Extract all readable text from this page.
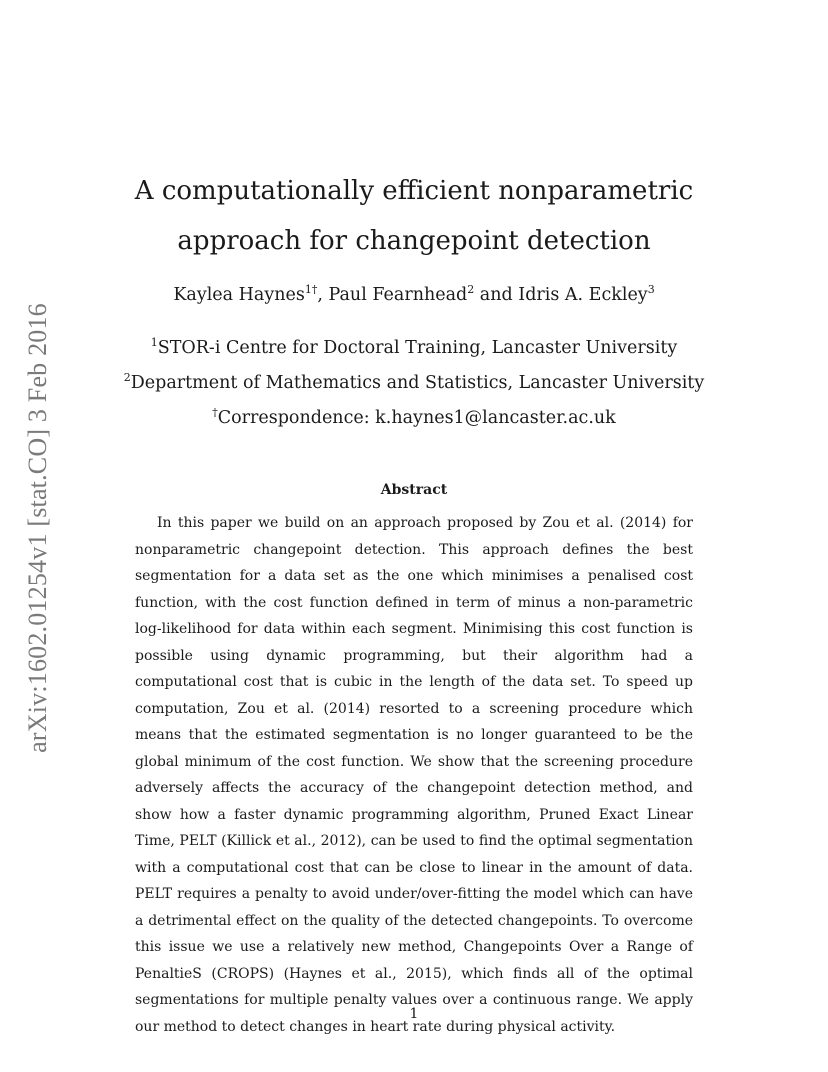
arXiv:1602.01254v1 [stat.CO] 3 Feb 2016
A computationally efficient nonparametric approach for changepoint detection
Kaylea Haynes$^{1\dagger}$, Paul Fearnhead$^2$ and Idris A. Eckley$^3$
$^1$STOR-i Centre for Doctoral Training, Lancaster University
$^2$Department of Mathematics and Statistics, Lancaster University
†Correspondence: k.haynes1@lancaster.ac.uk
Abstract

In this paper we build on an approach proposed by Zou et al. (2014) for nonparametric changepoint detection. This approach defines the best segmentation for a data set as the one which minimises a penalised cost function, with the cost function defined in term of minus a non-parametric log-likelihood for data within each segment. Minimising this cost function is possible using dynamic programming, but their algorithm had a computational cost that is cubic in the length of the data set. To speed up computation, Zou et al. (2014) resorted to a screening procedure which means that the estimated segmentation is no longer guaranteed to be the global minimum of the cost function. We show that the screening procedure adversely affects the accuracy of the changepoint detection method, and show how a faster dynamic programming algorithm, Pruned Exact Linear Time, PELT (Killick et al., 2012), can be used to find the optimal segmentation with a computational cost that can be close to linear in the amount of data. PELT requires a penalty to avoid under/over-fitting the model which can have a detrimental effect on the quality of the detected changepoints. To overcome this issue we use a relatively new method, Changepoints Over a Range of PenaltieS (CROPS) (Haynes et al., 2015), which finds all of the optimal segmentations for multiple penalty values over a continuous range. We apply our method to detect changes in heart rate during physical activity.

1
